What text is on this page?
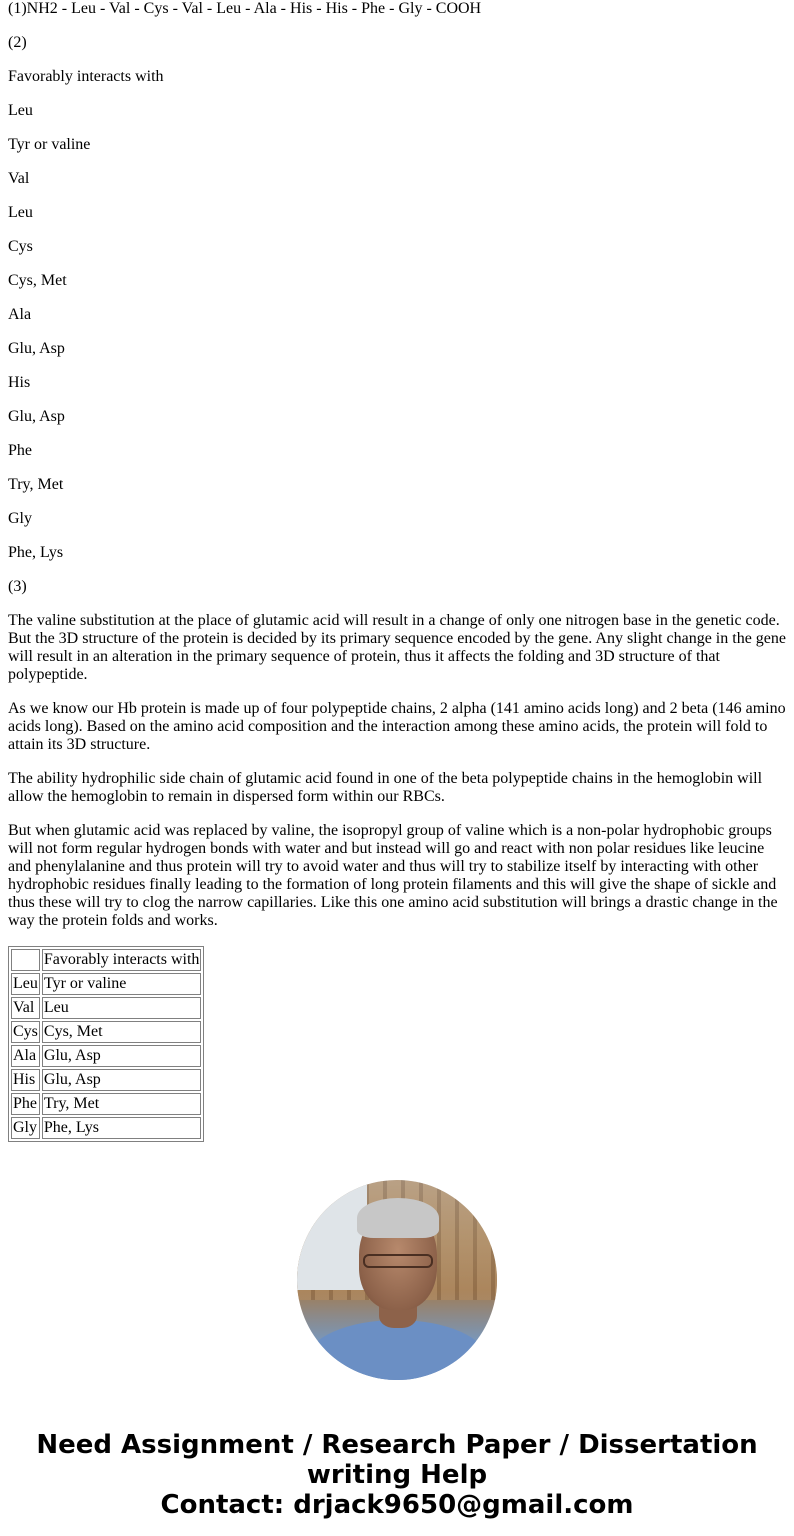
(1)NH2 - Leu - Val - Cys - Val - Leu - Ala - His - His - Phe - Gly - COOH

(2)

Favorably interacts with

Leu

Tyr or valine

Val

Leu

Cys

Cys, Met

Ala

Glu, Asp

His

Glu, Asp

Phe

Try, Met

Gly

Phe, Lys

(3)

The valine substitution at the place of glutamic acid will result in a change of only one nitrogen base in the genetic code. But the 3D structure of the protein is decided by its primary sequence encoded by the gene. Any slight change in the gene will result in an alteration in the primary sequence of protein, thus it affects the folding and 3D structure of that polypeptide.

As we know our Hb protein is made up of four polypeptide chains, 2 alpha (141 amino acids long) and 2 beta (146 amino acids long). Based on the amino acid composition and the interaction among these amino acids, the protein will fold to attain its 3D structure.

The ability hydrophilic side chain of glutamic acid found in one of the beta polypeptide chains in the hemoglobin will allow the hemoglobin to remain in dispersed form within our RBCs.

But when glutamic acid was replaced by valine, the isopropyl group of valine which is a non-polar hydrophobic groups will not form regular hydrogen bonds with water and but instead will go and react with non polar residues like leucine and phenylalanine and thus protein will try to avoid water and thus will try to stabilize itself by interacting with other hydrophobic residues finally leading to the formation of long protein filaments and this will give the shape of sickle and thus these will try to clog the narrow capillaries. Like this one amino acid substitution will brings a drastic change in the way the protein folds and works.

	Favorably interacts with
Leu	Tyr or valine
Val	Leu
Cys	Cys, Met
Ala	Glu, Asp
His	Glu, Asp
Phe	Try, Met
Gly	Phe, Lys
Need Assignment / Research Paper / Dissertation writing Help
Contact: drjack9650@gmail.com
